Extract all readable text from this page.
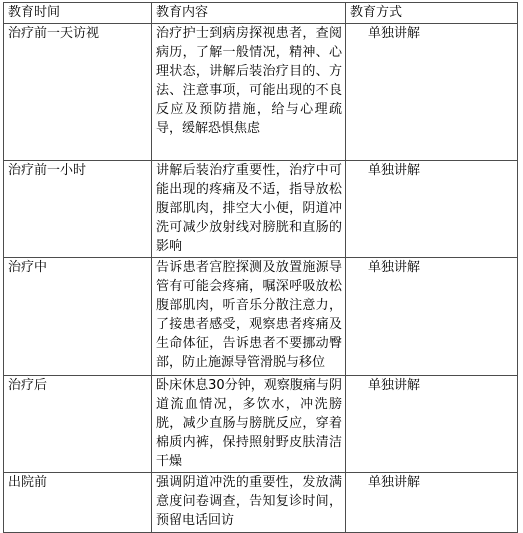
教育时间	教育内容	教育方式
治疗前一天访视	治疗护士到病房探视患者，查阅病历，了解一般情况，精神、心理状态，讲解后装治疗目的、方法、注意事项，可能出现的不良反应及预防措施，给与心理疏导，缓解恐惧焦虑	单独讲解
治疗前一小时	讲解后装治疗重要性，治疗中可能出现的疼痛及不适，指导放松腹部肌肉，排空大小便，阴道冲洗可减少放射线对膀胱和直肠的影响	单独讲解
治疗中	告诉患者宫腔探测及放置施源导管有可能会疼痛，嘱深呼吸放松腹部肌肉，听音乐分散注意力，了接患者感受，观察患者疼痛及生命体征，告诉患者不要挪动臀部，防止施源导管滑脱与移位	单独讲解
治疗后	卧床休息30分钟，观察腹痛与阴道流血情况，多饮水，冲洗膀胱，减少直肠与膀胱反应，穿着棉质内裤，保持照射野皮肤清洁干燥	单独讲解
出院前	强调阴道冲洗的重要性，发放满意度问卷调查，告知复诊时间，预留电话回访	单独讲解
